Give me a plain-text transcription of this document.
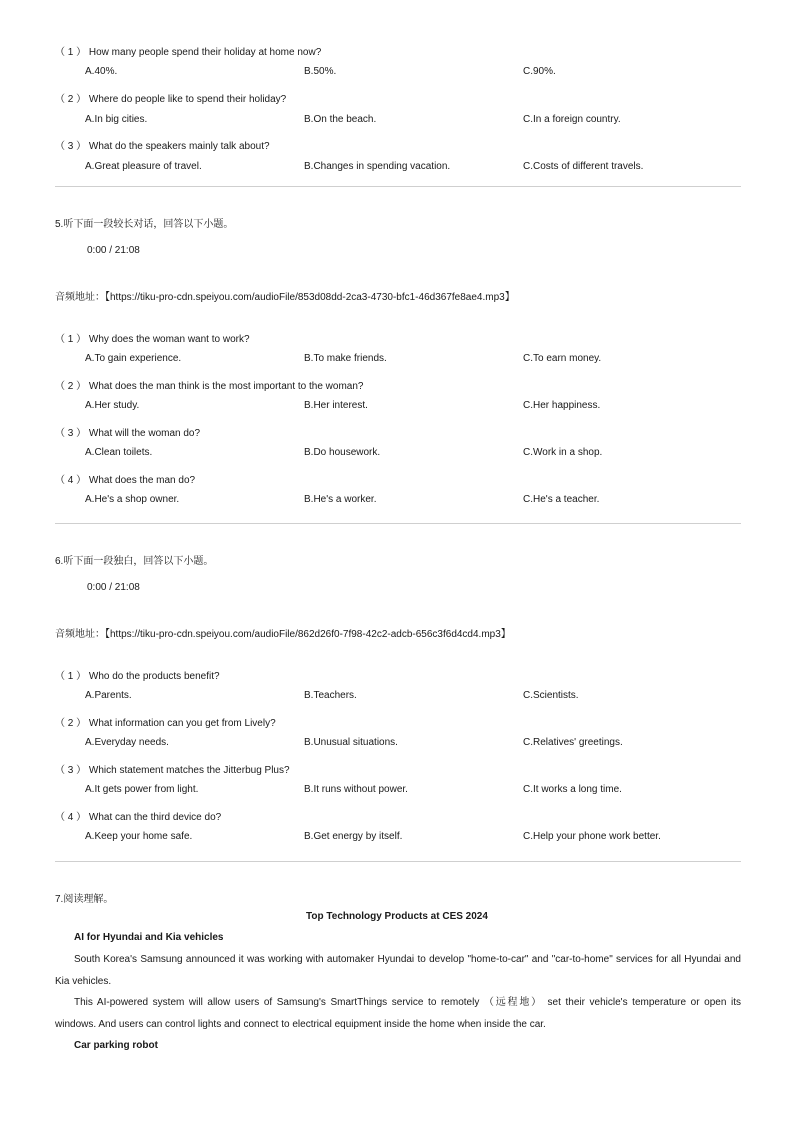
（ 1 ） How many people spend their holiday at home now?
A.40%.	B.50%.	C.90%.
（ 2 ） Where do people like to spend their holiday?
A.In big cities.	B.On the beach.	C.In a foreign country.
（ 3 ） What do the speakers mainly talk about?
A.Great pleasure of travel.	B.Changes in spending vacation.	C.Costs of different travels.
5.听下面一段较长对话，回答以下小题。
0:00 / 21:08
音频地址：【https://tiku-pro-cdn.speiyou.com/audioFile/853d08dd-2ca3-4730-bfc1-46d367fe8ae4.mp3】
（ 1 ） Why does the woman want to work?
A.To gain experience.	B.To make friends.	C.To earn money.
（ 2 ） What does the man think is the most important to the woman?
A.Her study.	B.Her interest.	C.Her happiness.
（ 3 ） What will the woman do?
A.Clean toilets.	B.Do housework.	C.Work in a shop.
（ 4 ） What does the man do?
A.He's a shop owner.	B.He's a worker.	C.He's a teacher.
6.听下面一段独白，回答以下小题。
0:00 / 21:08
音频地址：【https://tiku-pro-cdn.speiyou.com/audioFile/862d26f0-7f98-42c2-adcb-656c3f6d4cd4.mp3】
（ 1 ） Who do the products benefit?
A.Parents.	B.Teachers.	C.Scientists.
（ 2 ） What information can you get from Lively?
A.Everyday needs.	B.Unusual situations.	C.Relatives' greetings.
（ 3 ） Which statement matches the Jitterbug Plus?
A.It gets power from light.	B.It runs without power.	C.It works a long time.
（ 4 ） What can the third device do?
A.Keep your home safe.	B.Get energy by itself.	C.Help your phone work better.
7.阅读理解。
Top Technology Products at CES 2024
AI for Hyundai and Kia vehicles

South Korea's Samsung announced it was working with automaker Hyundai to develop "home-to-car" and "car-to-home" services for all Hyundai and Kia vehicles.

This AI-powered system will allow users of Samsung's SmartThings service to remotely （远程地） set their vehicle's temperature or open its windows. And users can control lights and connect to electrical equipment inside the home when inside the car.

Car parking robot
